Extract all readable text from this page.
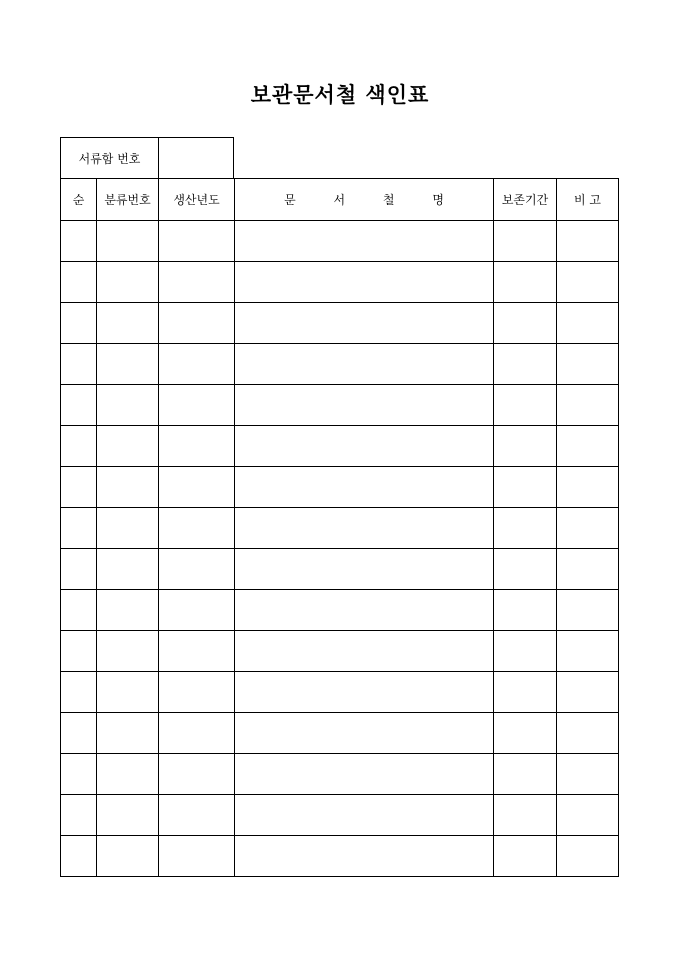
보관문서철 색인표
서류함 번호
순	분류번호	생산년도	문 서 철 명	보존기간	비 고
